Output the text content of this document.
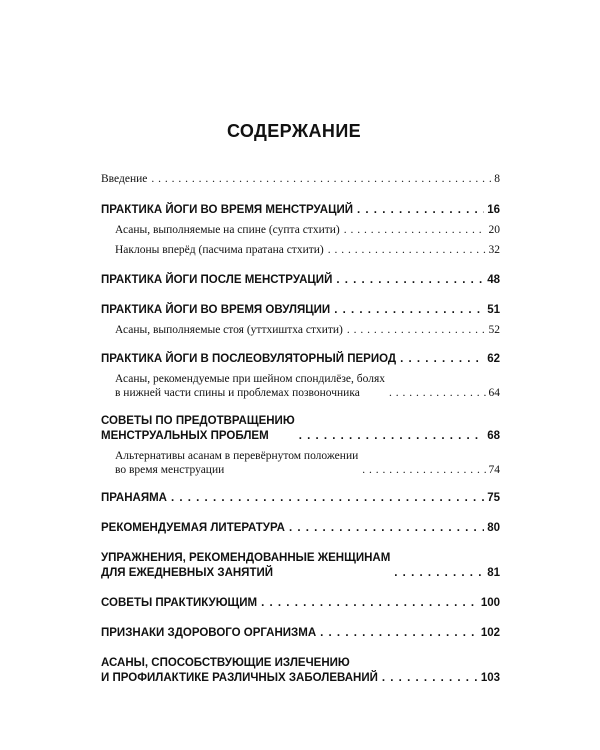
СОДЕРЖАНИЕ
Введение . . .	8
ПРАКТИКА ЙОГИ ВО ВРЕМЯ МЕНСТРУАЦИЙ . . .	16
Асаны, выполняемые на спине (супта стхити) . . .	20
Наклоны вперёд (пасчима пратана стхити) . . .	32
ПРАКТИКА ЙОГИ ПОСЛЕ МЕНСТРУАЦИЙ . . .	48
ПРАКТИКА ЙОГИ ВО ВРЕМЯ ОВУЛЯЦИИ . . .	51
Асаны, выполняемые стоя (уттхиштха стхити) . . .	52
ПРАКТИКА ЙОГИ В ПОСЛЕОВУЛЯТОРНЫЙ ПЕРИОД . . .	62
Асаны, рекомендуемые при шейном спондилёзе, болях
в нижней части спины и проблемах позвоночника . . .	64
СОВЕТЫ ПО ПРЕДОТВРАЩЕНИЮ
МЕНСТРУАЛЬНЫХ ПРОБЛЕМ . . .	68
Альтернативы асанам в перевёрнутом положении
во время менструации . . .	74
ПРАНАЯМА . . .	75
РЕКОМЕНДУЕМАЯ ЛИТЕРАТУРА . . .	80
УПРАЖНЕНИЯ, РЕКОМЕНДОВАННЫЕ ЖЕНЩИНАМ
ДЛЯ ЕЖЕДНЕВНЫХ ЗАНЯТИЙ . . .	81
СОВЕТЫ ПРАКТИКУЮЩИМ . . .	100
ПРИЗНАКИ ЗДОРОВОГО ОРГАНИЗМА . . .	102
АСАНЫ, СПОСОБСТВУЮЩИЕ ИЗЛЕЧЕНИЮ
И ПРОФИЛАКТИКЕ РАЗЛИЧНЫХ ЗАБОЛЕВАНИЙ . . .	103
